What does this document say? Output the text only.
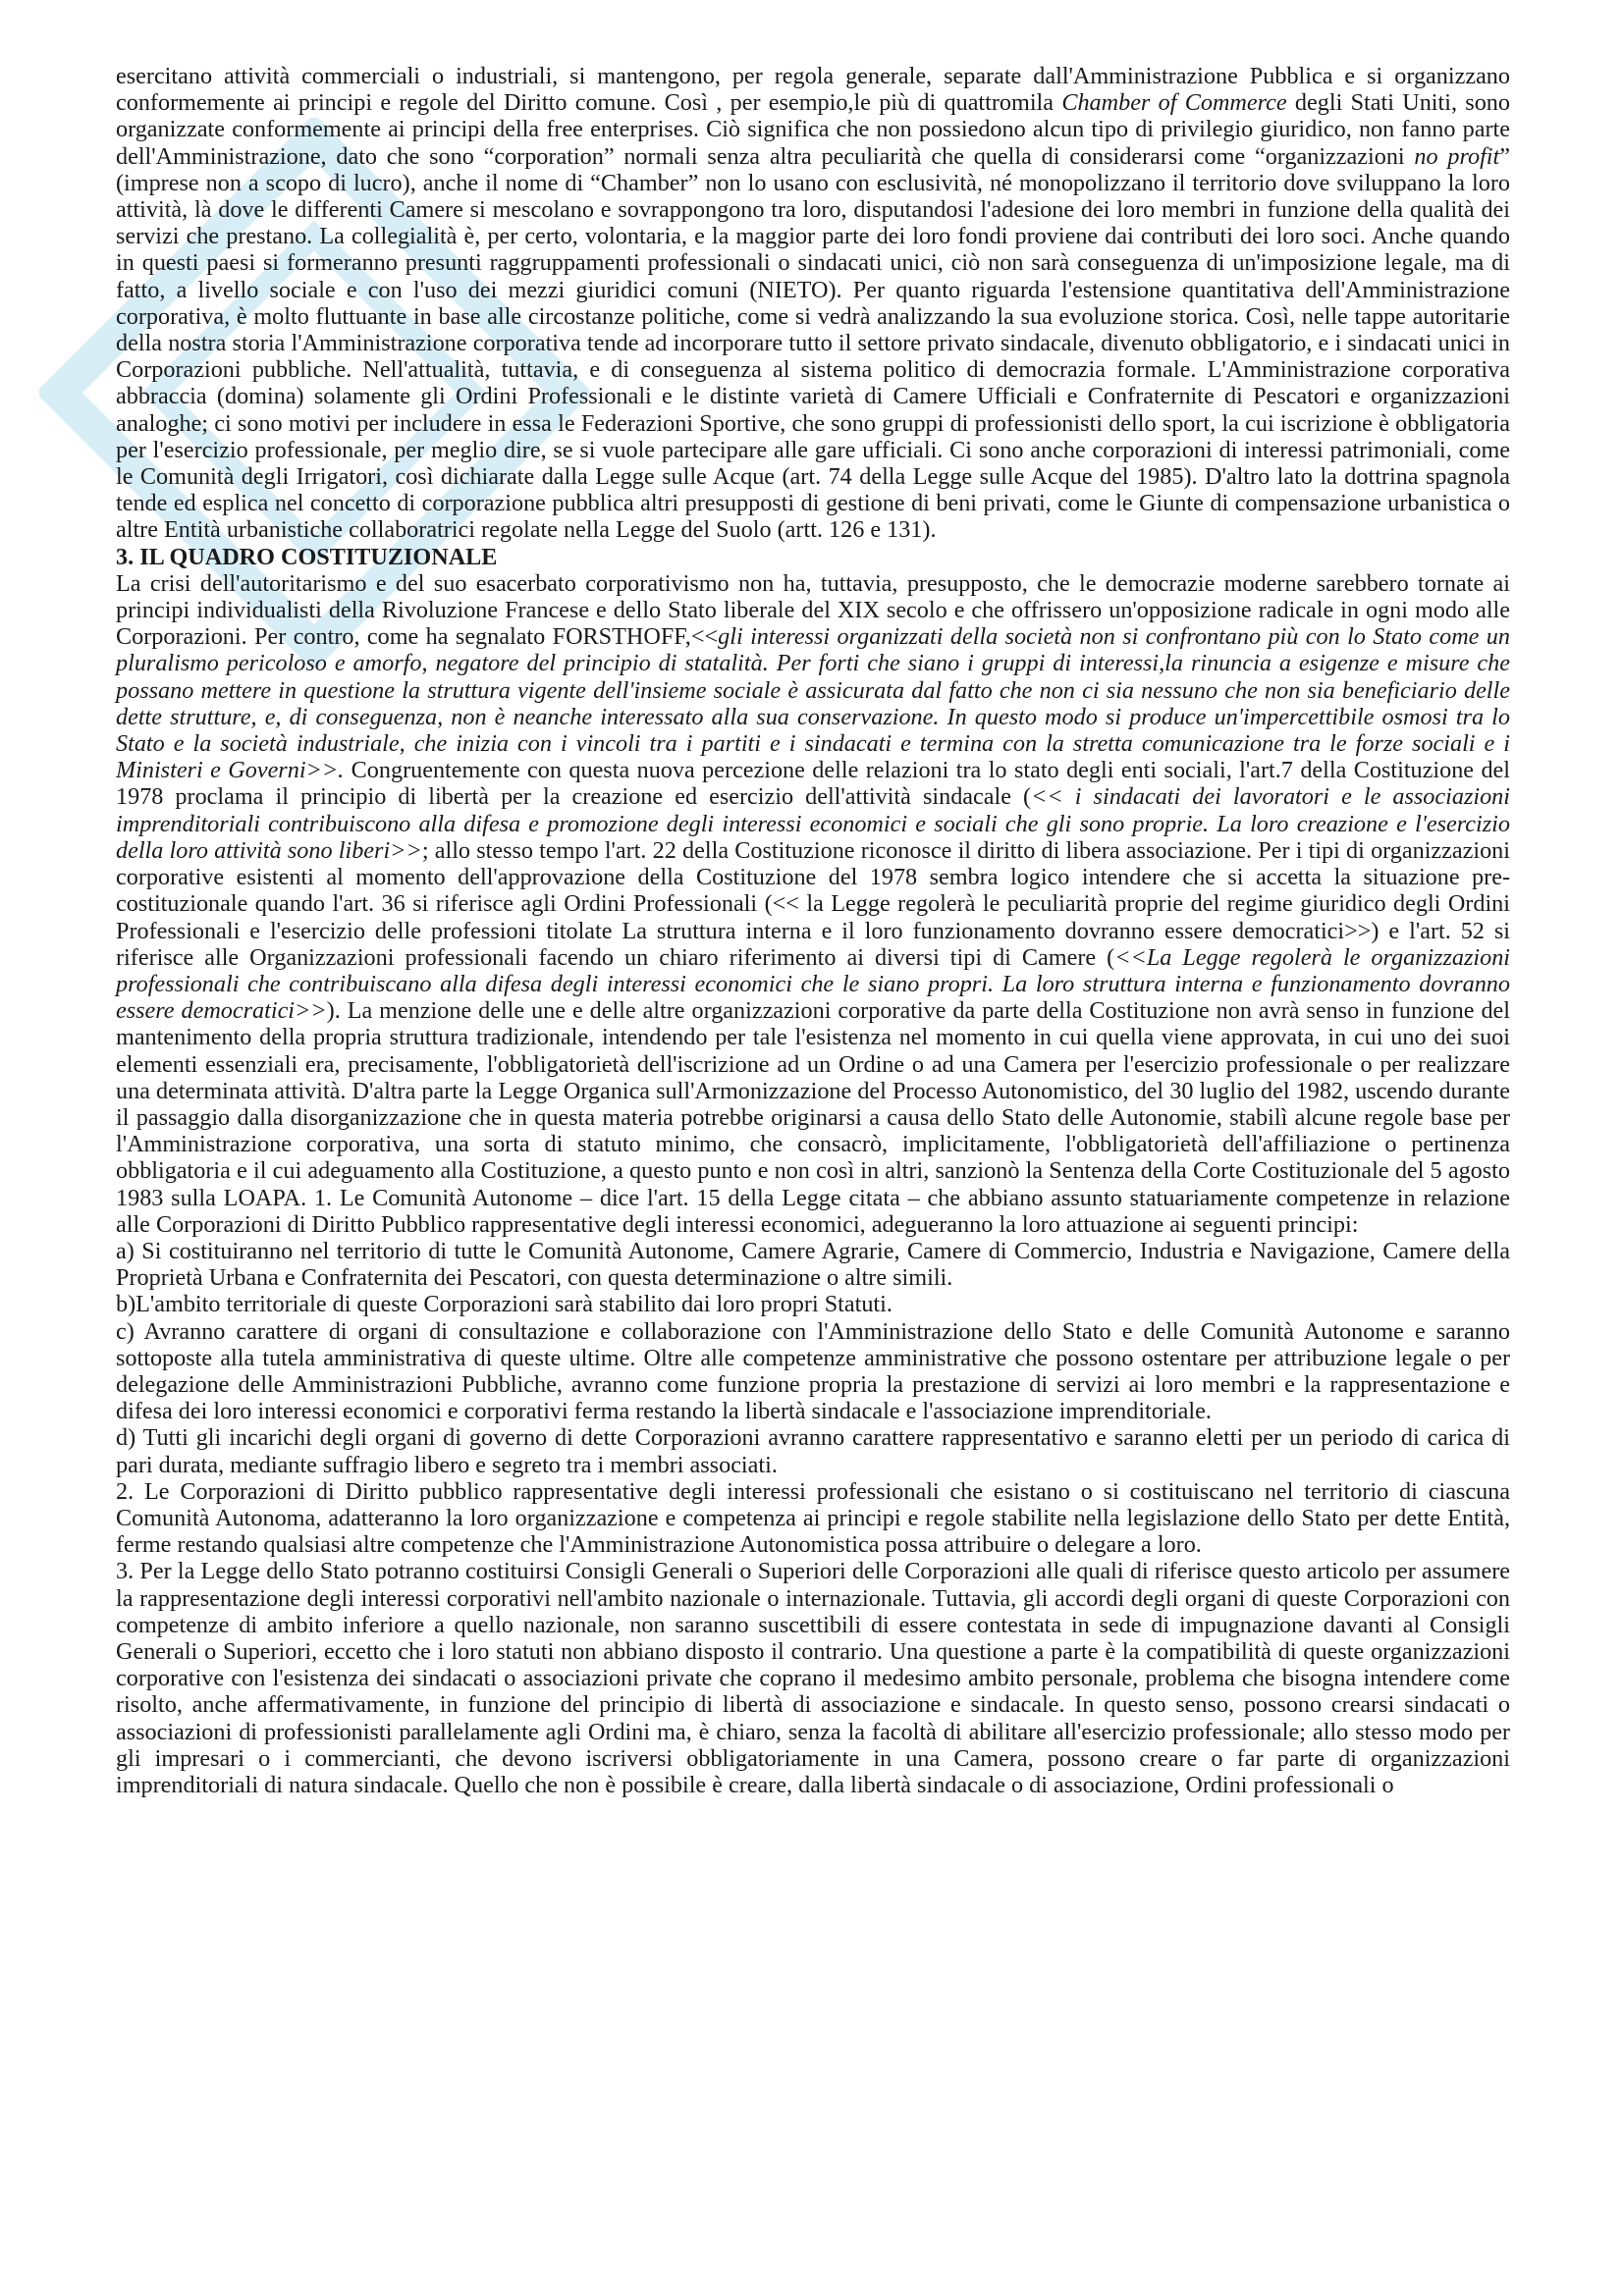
esercitano attività commerciali o industriali, si mantengono, per regola generale, separate dall'Amministrazione Pubblica e si organizzano conformemente ai principi e regole del Diritto comune. Così , per esempio,le più di quattromila Chamber of Commerce degli Stati Uniti, sono organizzate conformemente ai principi della free enterprises. Ciò significa che non possiedono alcun tipo di privilegio giuridico, non fanno parte dell'Amministrazione, dato che sono “corporation” normali senza altra peculiarità che quella di considerarsi come “organizzazioni no profit” (imprese non a scopo di lucro), anche il nome di “Chamber” non lo usano con esclusività, né monopolizzano il territorio dove sviluppano la loro attività, là dove le differenti Camere si mescolano e sovrappongono tra loro, disputandosi l'adesione dei loro membri in funzione della qualità dei servizi che prestano. La collegialità è, per certo, volontaria, e la maggior parte dei loro fondi proviene dai contributi dei loro soci. Anche quando in questi paesi si formeranno presunti raggruppamenti professionali o sindacati unici, ciò non sarà conseguenza di un'imposizione legale, ma di fatto, a livello sociale e con l'uso dei mezzi giuridici comuni (NIETO). Per quanto riguarda l'estensione quantitativa dell'Amministrazione corporativa, è molto fluttuante in base alle circostanze politiche, come si vedrà analizzando la sua evoluzione storica. Così, nelle tappe autoritarie della nostra storia l'Amministrazione corporativa tende ad incorporare tutto il settore privato sindacale, divenuto obbligatorio, e i sindacati unici in Corporazioni pubbliche. Nell'attualità, tuttavia, e di conseguenza al sistema politico di democrazia formale. L'Amministrazione corporativa abbraccia (domina) solamente gli Ordini Professionali e le distinte varietà di Camere Ufficiali e Confraternite di Pescatori e organizzazioni analoghe; ci sono motivi per includere in essa le Federazioni Sportive, che sono gruppi di professionisti dello sport, la cui iscrizione è obbligatoria per l'esercizio professionale, per meglio dire, se si vuole partecipare alle gare ufficiali. Ci sono anche corporazioni di interessi patrimoniali, come le Comunità degli Irrigatori, così dichiarate dalla Legge sulle Acque (art. 74 della Legge sulle Acque del 1985). D'altro lato la dottrina spagnola tende ed esplica nel concetto di corporazione pubblica altri presupposti di gestione di beni privati, come le Giunte di compensazione urbanistica o altre Entità urbanistiche collaboratrici regolate nella Legge del Suolo (artt. 126 e 131).

3. IL QUADRO COSTITUZIONALE

La crisi dell'autoritarismo e del suo esacerbato corporativismo non ha, tuttavia, presupposto, che le democrazie moderne sarebbero tornate ai principi individualisti della Rivoluzione Francese e dello Stato liberale del XIX secolo e che offrissero un'opposizione radicale in ogni modo alle Corporazioni. Per contro, come ha segnalato FORSTHOFF,<<gli interessi organizzati della società non si confrontano più con lo Stato come un pluralismo pericoloso e amorfo, negatore del principio di statalità. Per forti che siano i gruppi di interessi,la rinuncia a esigenze e misure che possano mettere in questione la struttura vigente dell'insieme sociale è assicurata dal fatto che non ci sia nessuno che non sia beneficiario delle dette strutture, e, di conseguenza, non è neanche interessato alla sua conservazione. In questo modo si produce un'impercettibile osmosi tra lo Stato e la società industriale, che inizia con i vincoli tra i partiti e i sindacati e termina con la stretta comunicazione tra le forze sociali e i Ministeri e Governi>>. Congruentemente con questa nuova percezione delle relazioni tra lo stato degli enti sociali, l'art.7 della Costituzione del 1978 proclama il principio di libertà per la creazione ed esercizio dell'attività sindacale (<< i sindacati dei lavoratori e le associazioni imprenditoriali contribuiscono alla difesa e promozione degli interessi economici e sociali che gli sono proprie. La loro creazione e l'esercizio della loro attività sono liberi>>; allo stesso tempo l'art. 22 della Costituzione riconosce il diritto di libera associazione. Per i tipi di organizzazioni corporative esistenti al momento dell'approvazione della Costituzione del 1978 sembra logico intendere che si accetta la situazione pre-costituzionale quando l'art. 36 si riferisce agli Ordini Professionali (<< la Legge regolerà le peculiarità proprie del regime giuridico degli Ordini Professionali e l'esercizio delle professioni titolate La struttura interna e il loro funzionamento dovranno essere democratici>>) e l'art. 52 si riferisce alle Organizzazioni professionali facendo un chiaro riferimento ai diversi tipi di Camere (<<La Legge regolerà le organizzazioni professionali che contribuiscano alla difesa degli interessi economici che le siano propri. La loro struttura interna e funzionamento dovranno essere democratici>>). La menzione delle une e delle altre organizzazioni corporative da parte della Costituzione non avrà senso in funzione del mantenimento della propria struttura tradizionale, intendendo per tale l'esistenza nel momento in cui quella viene approvata, in cui uno dei suoi elementi essenziali era, precisamente, l'obbligatorietà dell'iscrizione ad un Ordine o ad una Camera per l'esercizio professionale o per realizzare una determinata attività. D'altra parte la Legge Organica sull'Armonizzazione del Processo Autonomistico, del 30 luglio del 1982, uscendo durante il passaggio dalla disorganizzazione che in questa materia potrebbe originarsi a causa dello Stato delle Autonomie, stabilì alcune regole base per l'Amministrazione corporativa, una sorta di statuto minimo, che consacrò, implicitamente, l'obbligatorietà dell'affiliazione o pertinenza obbligatoria e il cui adeguamento alla Costituzione, a questo punto e non così in altri, sanzionò la Sentenza della Corte Costituzionale del 5 agosto 1983 sulla LOAPA. 1. Le Comunità Autonome – dice l'art. 15 della Legge citata – che abbiano assunto statuariamente competenze in relazione alle Corporazioni di Diritto Pubblico rappresentative degli interessi economici, adegueranno la loro attuazione ai seguenti principi:

a) Si costituiranno nel territorio di tutte le Comunità Autonome, Camere Agrarie, Camere di Commercio, Industria e Navigazione, Camere della Proprietà Urbana e Confraternita dei Pescatori, con questa determinazione o altre simili.

b)L'ambito territoriale di queste Corporazioni sarà stabilito dai loro propri Statuti.

c) Avranno carattere di organi di consultazione e collaborazione con l'Amministrazione dello Stato e delle Comunità Autonome e saranno sottoposte alla tutela amministrativa di queste ultime. Oltre alle competenze amministrative che possono ostentare per attribuzione legale o per delegazione delle Amministrazioni Pubbliche, avranno come funzione propria la prestazione di servizi ai loro membri e la rappresentazione e difesa dei loro interessi economici e corporativi ferma restando la libertà sindacale e l'associazione imprenditoriale.

d) Tutti gli incarichi degli organi di governo di dette Corporazioni avranno carattere rappresentativo e saranno eletti per un periodo di carica di pari durata, mediante suffragio libero e segreto tra i membri associati.

2. Le Corporazioni di Diritto pubblico rappresentative degli interessi professionali che esistano o si costituiscano nel territorio di ciascuna Comunità Autonoma, adatteranno la loro organizzazione e competenza ai principi e regole stabilite nella legislazione dello Stato per dette Entità, ferme restando qualsiasi altre competenze che l'Amministrazione Autonomistica possa attribuire o delegare a loro.

3. Per la Legge dello Stato potranno costituirsi Consigli Generali o Superiori delle Corporazioni alle quali di riferisce questo articolo per assumere la rappresentazione degli interessi corporativi nell'ambito nazionale o internazionale. Tuttavia, gli accordi degli organi di queste Corporazioni con competenze di ambito inferiore a quello nazionale, non saranno suscettibili di essere contestata in sede di impugnazione davanti al Consigli Generali o Superiori, eccetto che i loro statuti non abbiano disposto il contrario. Una questione a parte è la compatibilità di queste organizzazioni corporative con l'esistenza dei sindacati o associazioni private che coprano il medesimo ambito personale, problema che bisogna intendere come risolto, anche affermativamente, in funzione del principio di libertà di associazione e sindacale. In questo senso, possono crearsi sindacati o associazioni di professionisti parallelamente agli Ordini ma, è chiaro, senza la facoltà di abilitare all'esercizio professionale; allo stesso modo per gli impresari o i commercianti, che devono iscriversi obbligatoriamente in una Camera, possono creare o far parte di organizzazioni imprenditoriali di natura sindacale. Quello che non è possibile è creare, dalla libertà sindacale o di associazione, Ordini professionali o
